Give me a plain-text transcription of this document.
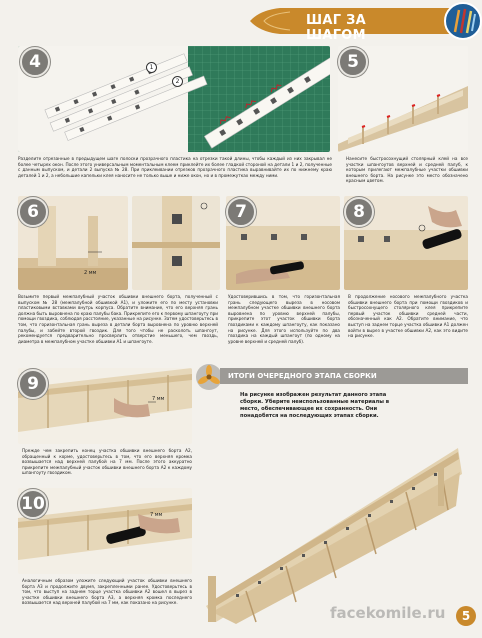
ШАГ ЗА ШАГОМ
4	1
2
5
Разделите отрезанные в предыдущем шаге полоски прозрачного пластика на отрезки такой длины, чтобы каждый из них закрывал не более четырех окон. После этого универсальным моментальным клеем приклейте их более гладкой стороной на детали 1 и 2, полученные с данным выпуском, и детали 2 выпуска № 28. При приклеивании отрезков прозрачного пластика выравнивайте их по нижнему краю деталей 1 и 2, а небольшие капельки клея наносите не только выше и ниже окон, но и в промежутках между ними.
Нанесите быстросохнущий столярный клей на все участки шпангоутов верхней и средней палуб, к которым прилегают межпалубные участки обшивки внешнего борта. На рисунке это место обозначено красным цветом.
2 мм
6	7	8
Возьмите первый межпалубный участок обшивки внешнего борта, полученный с выпуском № 28 (межпалубной обшивкой А1), и уложите его по месту установки пластиковыми вставками внутрь корпуса. Обратите внимание, что его верхняя грань должна быть выровнена по краю палубы бака. Прикрепите его к первому шпангоуту при помощи гвоздика, соблюдая расстояние, указанные на рисунке. Затем удостоверьтесь в том, что горизонтальная грань выреза в детали борта выровнена по уровню верхней палубы, и забейте второй гвоздик. Для того чтобы не расколоть шпангоут, рекомендуется предварительно просверлить отверстие меньшего, чем гвоздь, диаметра в межпалубном участке обшивки А1 и шпангоуте.
Удостоверившись в том, что горизонтальная грань следующего выреза в носовом межпалубном участке обшивки внешнего борта выровнена по уровню верхней палубы, прикрепите этот участок обшивки борта гвоздиками к каждому шпангоуту, как показано на рисунке. Для этого используйте по два гвоздика на каждый шпангоут (по одному на уровне верхней и средней палуб).
В продолжение носового межпалубного участка обшивки внешнего борта при помощи гвоздиков и быстросохнущего столярного клея прикрепите первый участок обшивки средней части, обозначенный как А2. Обратите внимание, что выступ на заднем торце участка обшивки А1 должен войти в вырез в участке обшивки А2, как это видите на рисунке.
9
7 мм
Прежде чем закрепить конец участка обшивки внешнего борта А2, обращенный к корме, удостоверьтесь в том, что его верхняя кромка возвышается над верхней палубой на 7 мм. После этого аккуратно прикрепите межпалубный участок обшивки внешнего борта А2 к каждому шпангоуту гвоздиком.
10
7 мм
Аналогичным образом уложите следующий участок обшивки внешнего борта А3 и продолжите двумя, закрепленными ранее. Удостоверьтесь в том, что выступ на заднем торце участка обшивки А2 вошел в вырез в участке обшивки внешнего борта А3, а верхняя кромка последнего возвышается над верхней палубой на 7 мм, как показано на рисунке.
ИТОГИ ОЧЕРЕДНОГО ЭТАПА СБОРКИ
На рисунке изображен результат данного этапа сборки. Уберите неиспользованные материалы в место, обеспечивающее их сохранность. Они понадобятся на последующих этапах сборки.
facekomile.ru	5
